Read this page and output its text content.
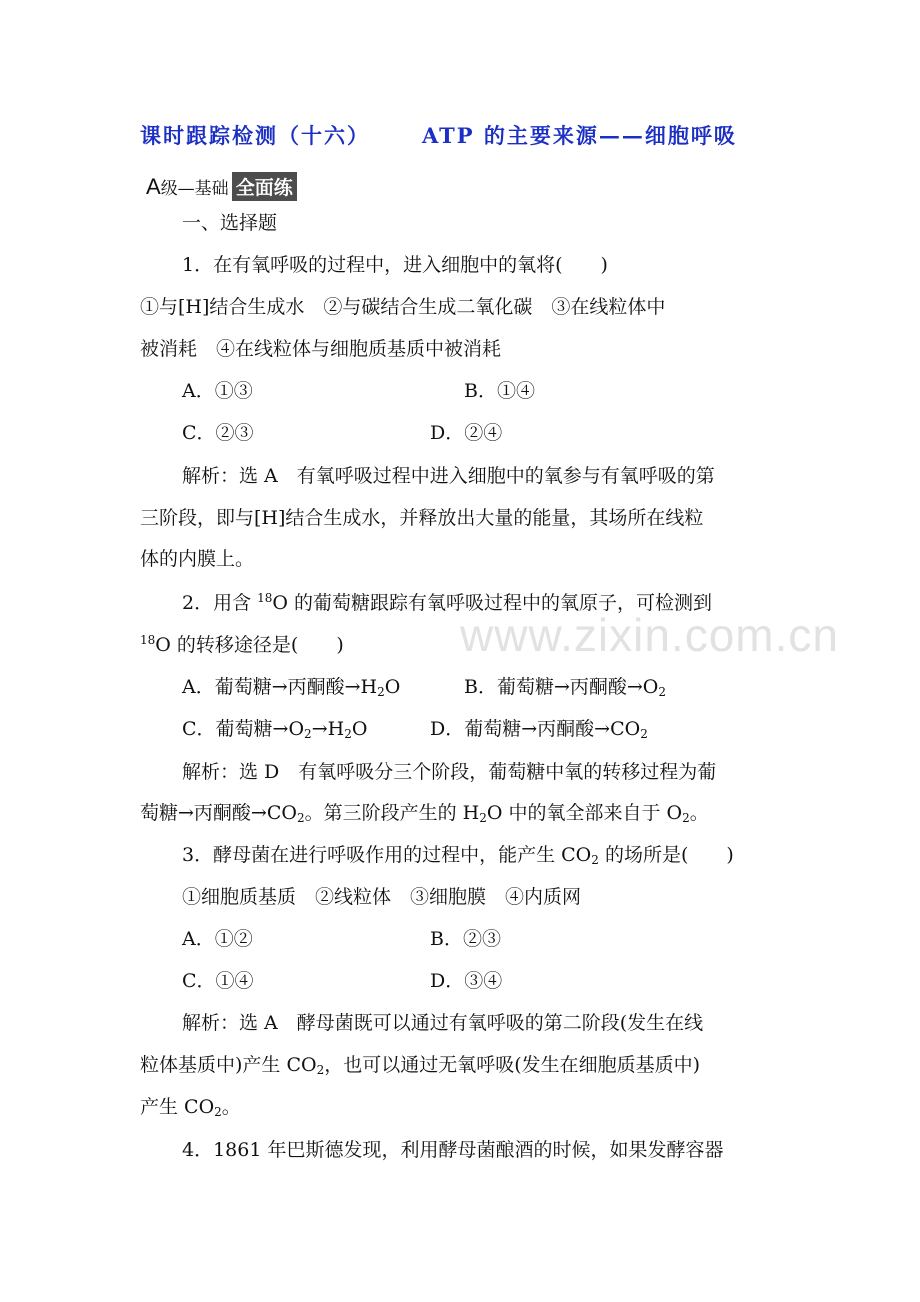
课时跟踪检测（十六） ATP 的主要来源——细胞呼吸
A级—基础 全面练
一、选择题
1．在有氧呼吸的过程中，进入细胞中的氧将(　　)
①与[H]结合生成水　②与碳结合生成二氧化碳　③在线粒体中
被消耗　④在线粒体与细胞质基质中被消耗
A．①③	B．①④
C．②③	D．②④
解析：选 A　有氧呼吸过程中进入细胞中的氧参与有氧呼吸的第
三阶段，即与[H]结合生成水，并释放出大量的能量，其场所在线粒
体的内膜上。
2．用含 $^{18}$O 的葡萄糖跟踪有氧呼吸过程中的氧原子，可检测到
$^{18}$O 的转移途径是(　　)
A．葡萄糖→丙酮酸$\to H_2O$	B．葡萄糖→丙酮酸$\to O_2$
C．葡萄糖$\to O_2\to H_2O$	D．葡萄糖→丙酮酸$\to CO_2$
解析：选 D　有氧呼吸分三个阶段，葡萄糖中氧的转移过程为葡
萄糖→丙酮酸$\to CO_2$。第三阶段产生的 $H_2O$ 中的氧全部来自于 $O_2$。
3．酵母菌在进行呼吸作用的过程中，能产生 $CO_2$ 的场所是(　　)
①细胞质基质　②线粒体　③细胞膜　④内质网
A．①②	B．②③
C．①④	D．③④
解析：选 A　酵母菌既可以通过有氧呼吸的第二阶段(发生在线
粒体基质中)产生 $CO_2$，也可以通过无氧呼吸(发生在细胞质基质中)
产生 $CO_2$。
4．1861 年巴斯德发现，利用酵母菌酿酒的时候，如果发酵容器
www.zixin.com.cn
